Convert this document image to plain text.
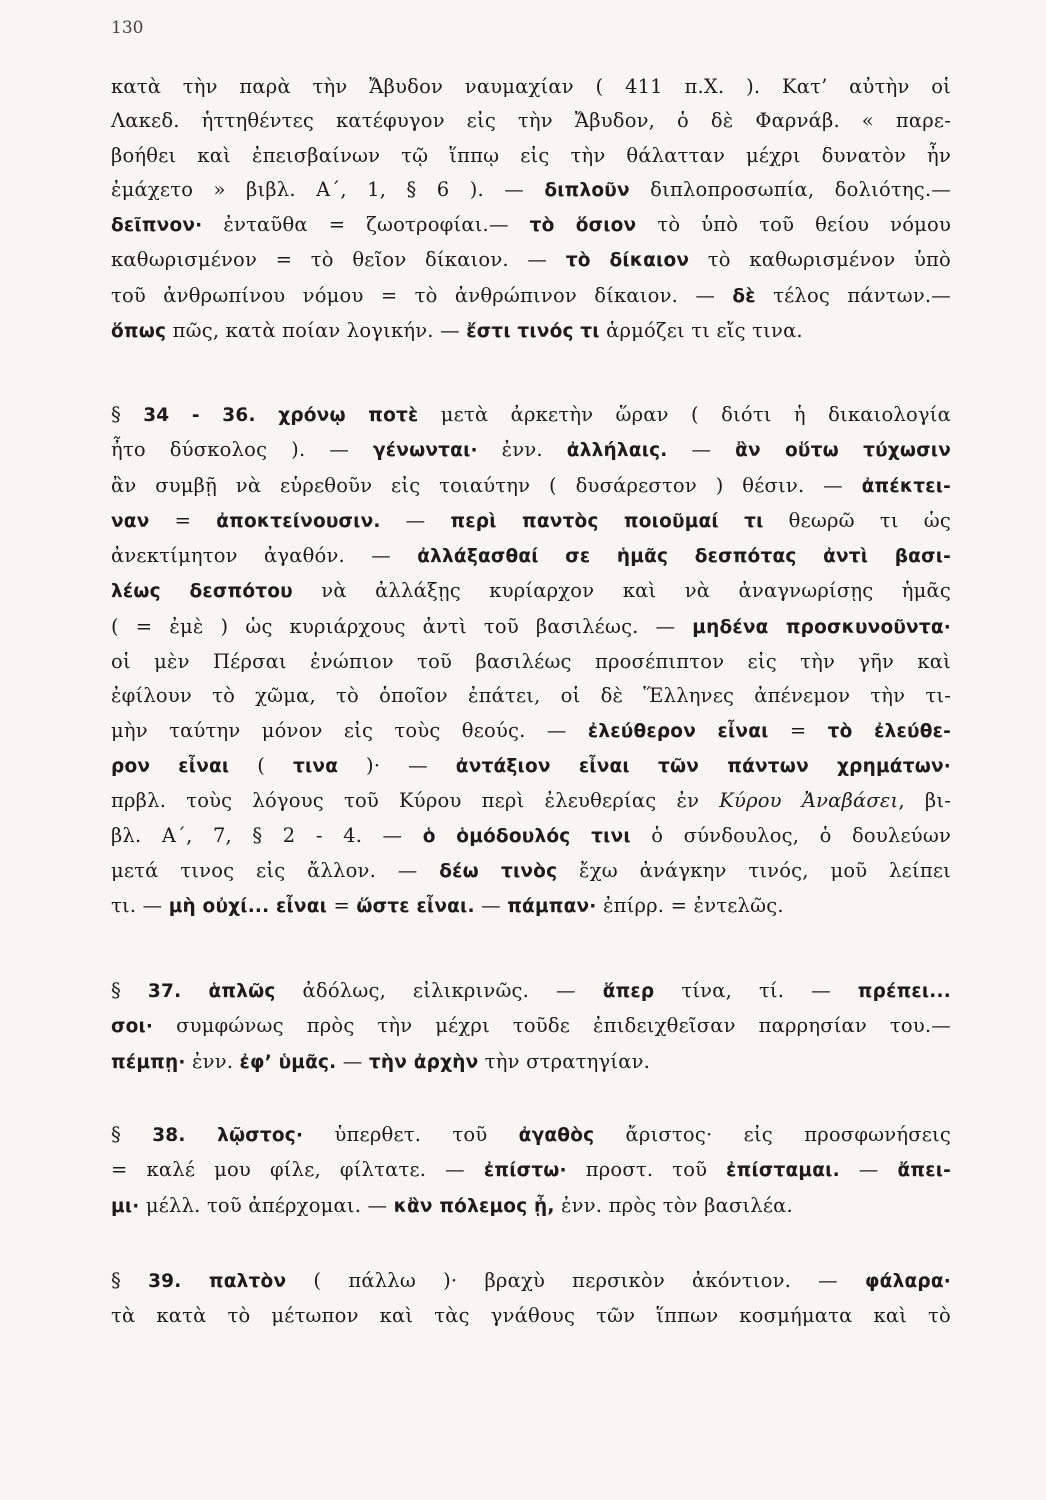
130
κατὰ τὴν παρὰ τὴν Ἄβυδον ναυμαχίαν ( 411 π.Χ. ). Κατ’ αὐτὴν οἱ
Λακεδ. ἡττηθέντες κατέφυγον εἰς τὴν Ἄβυδον, ὁ δὲ Φαρνάβ. « παρε-
βοήθει καὶ ἐπεισβαίνων τῷ ἵππῳ εἰς τὴν θάλατταν μέχρι δυνατὸν ἦν
ἐμάχετο » βιβλ. Α΄, 1, § 6 ). — διπλοῦν διπλοπροσωπία, δολιότης.—
δεῖπνον· ἐνταῦθα = ζωοτροφίαι.— τὸ ὅσιον τὸ ὑπὸ τοῦ θείου νόμου
καθωρισμένον = τὸ θεῖον δίκαιον. — τὸ δίκαιον τὸ καθωρισμένον ὑπὸ
τοῦ ἀνθρωπίνου νόμου = τὸ ἀνθρώπινον δίκαιον. — δὲ τέλος πάντων.—
ὅπως πῶς, κατὰ ποίαν λογικήν. — ἔστι τινός τι ἁρμόζει τι εἴς τινα.
§ 34 - 36. χρόνῳ ποτὲ μετὰ ἀρκετὴν ὥραν ( διότι ἡ δικαιολογία
ἦτο δύσκολος ). — γένωνται· ἐνν. ἀλλήλαις. — ἂν οὕτω τύχωσιν
ἂν συμβῇ νὰ εὑρεθοῦν εἰς τοιαύτην ( δυσάρεστον ) θέσιν. — ἀπέκτει-
ναν = ἀποκτείνουσιν. — περὶ παντὸς ποιοῦμαί τι θεωρῶ τι ὡς
ἀνεκτίμητον ἀγαθόν. — ἀλλάξασθαί σε ἡμᾶς δεσπότας ἀντὶ βασι-
λέως δεσπότου νὰ ἀλλάξῃς κυρίαρχον καὶ νὰ ἀναγνωρίσῃς ἡμᾶς
( = ἐμὲ ) ὡς κυριάρχους ἀντὶ τοῦ βασιλέως. — μηδένα προσκυνοῦντα·
οἱ μὲν Πέρσαι ἐνώπιον τοῦ βασιλέως προσέπιπτον εἰς τὴν γῆν καὶ
ἐφίλουν τὸ χῶμα, τὸ ὁποῖον ἐπάτει, οἱ δὲ Ἕλληνες ἀπένεμον τὴν τι-
μὴν ταύτην μόνον εἰς τοὺς θεούς. — ἐλεύθερον εἶναι = τὸ ἐλεύθε-
ρον εἶναι ( τινα )· — ἀντάξιον εἶναι τῶν πάντων χρημάτων·
πρβλ. τοὺς λόγους τοῦ Κύρου περὶ ἐλευθερίας ἐν Κύρου Ἀναβάσει, βι-
βλ. Α΄, 7, § 2 - 4. — ὁ ὁμόδουλός τινι ὁ σύνδουλος, ὁ δουλεύων
μετά τινος εἰς ἄλλον. — δέω τινὸς ἔχω ἀνάγκην τινός, μοῦ λείπει
τι. — μὴ οὐχί... εἶναι = ὥστε εἶναι. — πάμπαν· ἐπίρρ. = ἐντελῶς.
§ 37. ἁπλῶς ἀδόλως, εἰλικρινῶς. — ἅπερ τίνα, τί. — πρέπει...
σοι· συμφώνως πρὸς τὴν μέχρι τοῦδε ἐπιδειχθεῖσαν παρρησίαν του.—
πέμπῃ· ἐνν. ἐφ’ ὑμᾶς. — τὴν ἀρχὴν τὴν στρατηγίαν.
§ 38. λῷστος· ὑπερθετ. τοῦ ἀγαθὸς ἄριστος· εἰς προσφωνήσεις
= καλέ μου φίλε, φίλτατε. — ἐπίστω· προστ. τοῦ ἐπίσταμαι. — ἄπει-
μι· μέλλ. τοῦ ἀπέρχομαι. — κἂν πόλεμος ᾖ, ἐνν. πρὸς τὸν βασιλέα.
§ 39. παλτὸν ( πάλλω )· βραχὺ περσικὸν ἀκόντιον. — φάλαρα·
τὰ κατὰ τὸ μέτωπον καὶ τὰς γνάθους τῶν ἵππων κοσμήματα καὶ τὸ
